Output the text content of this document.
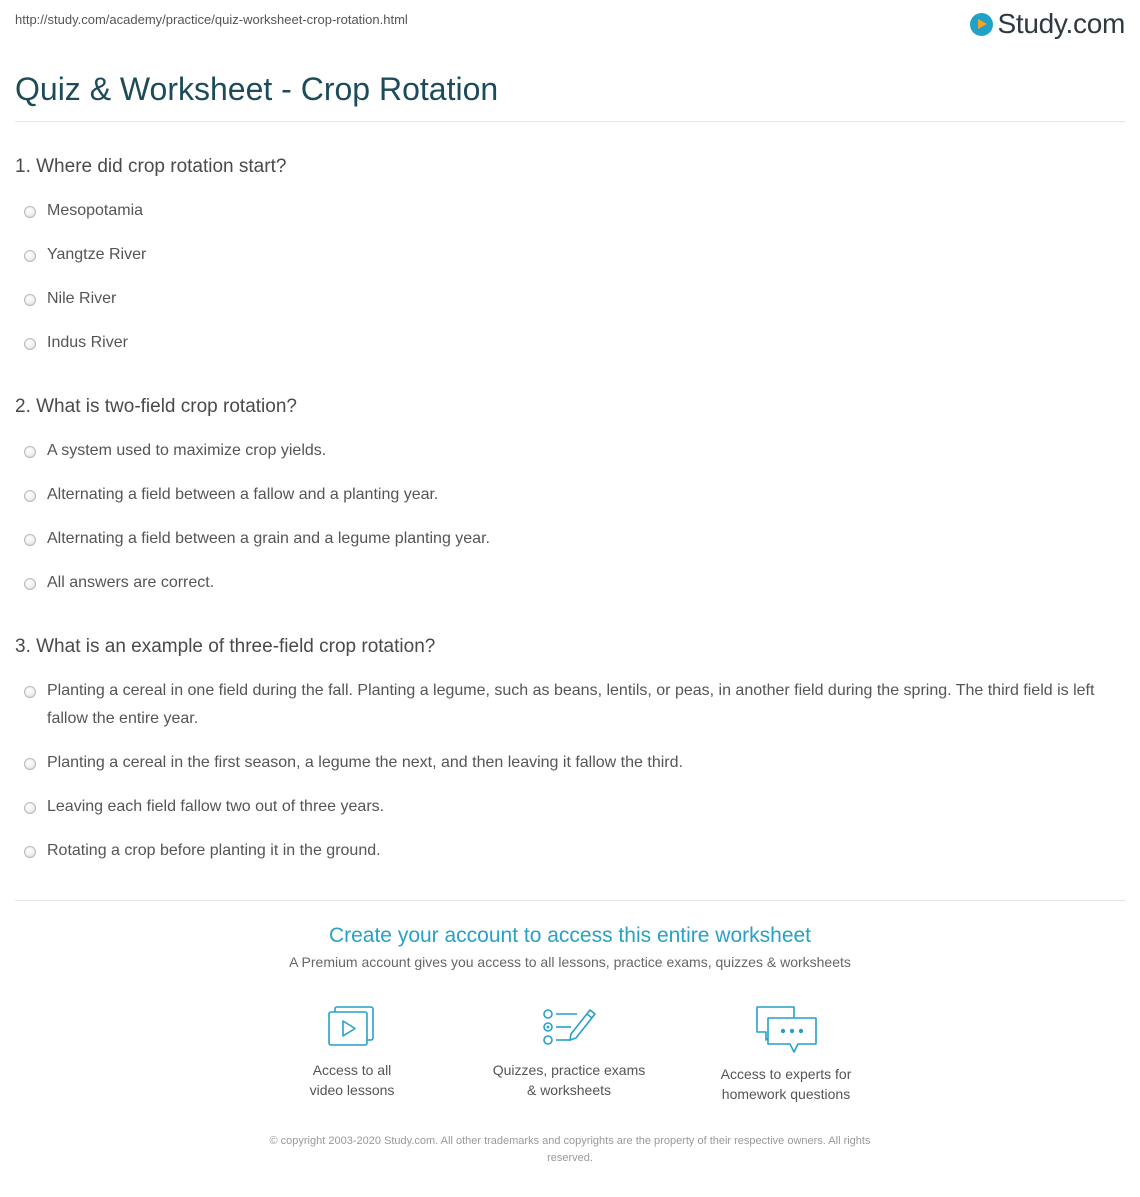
http://study.com/academy/practice/quiz-worksheet-crop-rotation.html	Study.com
Quiz & Worksheet - Crop Rotation
1. Where did crop rotation start?
Mesopotamia
Yangtze River
Nile River
Indus River
2. What is two-field crop rotation?
A system used to maximize crop yields.
Alternating a field between a fallow and a planting year.
Alternating a field between a grain and a legume planting year.
All answers are correct.
3. What is an example of three-field crop rotation?
Planting a cereal in one field during the fall. Planting a legume, such as beans, lentils, or peas, in another field during the spring. The third field is left fallow the entire year.
Planting a cereal in the first season, a legume the next, and then leaving it fallow the third.
Leaving each field fallow two out of three years.
Rotating a crop before planting it in the ground.
Create your account to access this entire worksheet
A Premium account gives you access to all lessons, practice exams, quizzes & worksheets
Access to all
video lessons
Quizzes, practice exams
& worksheets
Access to experts for
homework questions
© copyright 2003-2020 Study.com. All other trademarks and copyrights are the property of their respective owners. All rights
reserved.
